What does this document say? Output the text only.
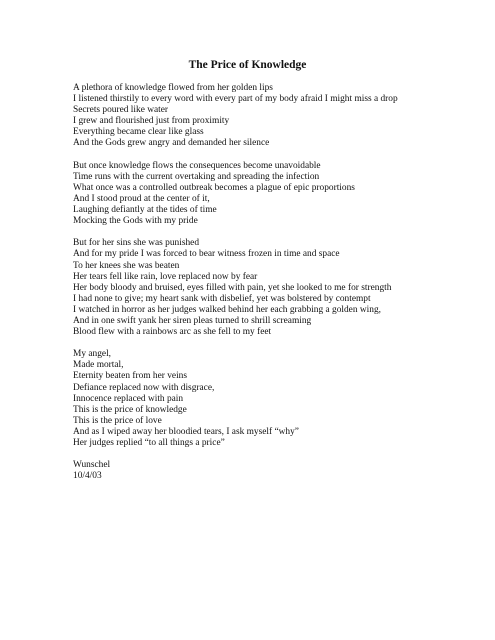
The Price of Knowledge
A plethora of knowledge flowed from her golden lips
I listened thirstily to every word with every part of my body afraid I might miss a drop
Secrets poured like water
I grew and flourished just from proximity
Everything became clear like glass
And the Gods grew angry and demanded her silence
But once knowledge flows the consequences become unavoidable
Time runs with the current overtaking and spreading the infection
What once was a controlled outbreak becomes a plague of epic proportions
And I stood proud at the center of it,
Laughing defiantly at the tides of time
Mocking the Gods with my pride
But for her sins she was punished
And for my pride I was forced to bear witness frozen in time and space
To her knees she was beaten
Her tears fell like rain, love replaced now by fear
Her body bloody and bruised, eyes filled with pain, yet she looked to me for strength
I had none to give; my heart sank with disbelief, yet was bolstered by contempt
I watched in horror as her judges walked behind her each grabbing a golden wing,
And in one swift yank her siren pleas turned to shrill screaming
Blood flew with a rainbows arc as she fell to my feet
My angel,
Made mortal,
Eternity beaten from her veins
Defiance replaced now with disgrace,
Innocence replaced with pain
This is the price of knowledge
This is the price of love
And as I wiped away her bloodied tears, I ask myself “why”
Her judges replied “to all things a price”
Wunschel
10/4/03
